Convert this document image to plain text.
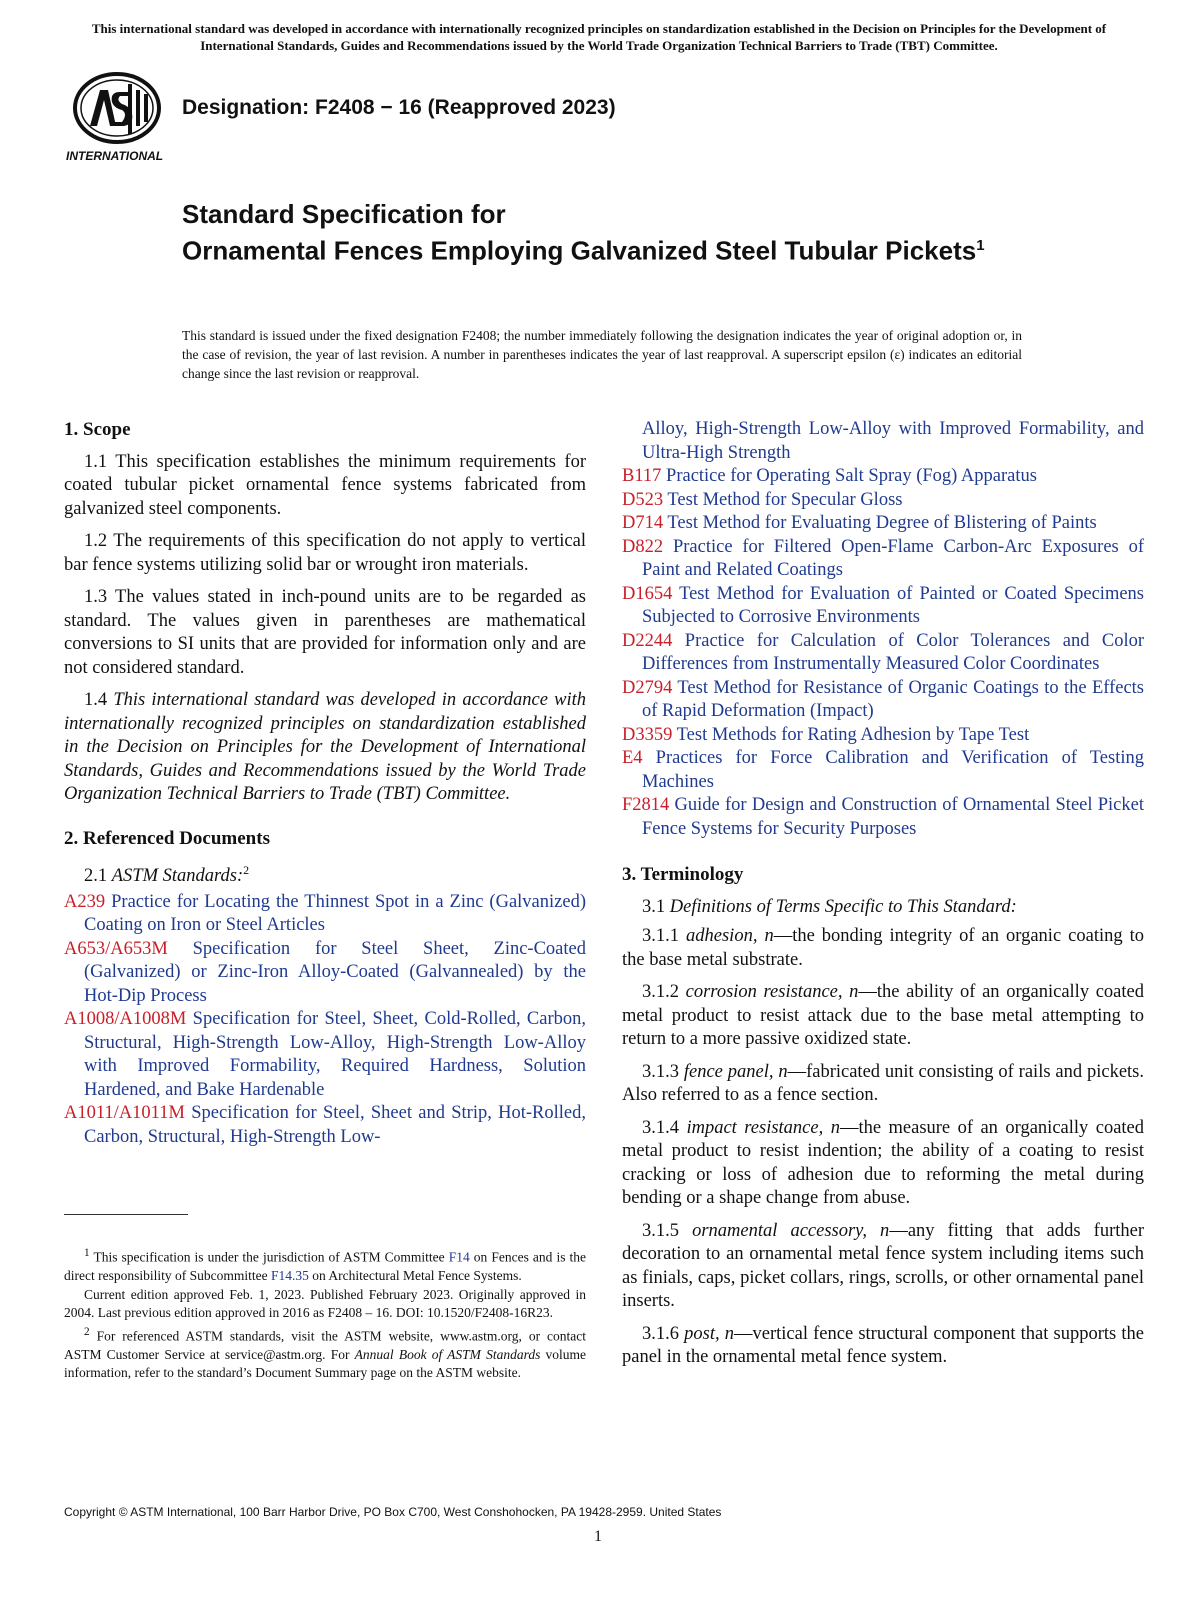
This international standard was developed in accordance with internationally recognized principles on standardization established in the Decision on Principles for the Development of International Standards, Guides and Recommendations issued by the World Trade Organization Technical Barriers to Trade (TBT) Committee.
INTERNATIONAL
Designation: F2408 − 16 (Reapproved 2023)
Standard Specification for
Ornamental Fences Employing Galvanized Steel Tubular Pickets$^1$
This standard is issued under the fixed designation F2408; the number immediately following the designation indicates the year of original adoption or, in the case of revision, the year of last revision. A number in parentheses indicates the year of last reapproval. A superscript epsilon (ε) indicates an editorial change since the last revision or reapproval.
1. Scope

1.1 This specification establishes the minimum requirements for coated tubular picket ornamental fence systems fabricated from galvanized steel components.

1.2 The requirements of this specification do not apply to vertical bar fence systems utilizing solid bar or wrought iron materials.

1.3 The values stated in inch-pound units are to be regarded as standard. The values given in parentheses are mathematical conversions to SI units that are provided for information only and are not considered standard.

1.4 This international standard was developed in accordance with internationally recognized principles on standardization established in the Decision on Principles for the Development of International Standards, Guides and Recommendations issued by the World Trade Organization Technical Barriers to Trade (TBT) Committee.

2. Referenced Documents
2.1 ASTM Standards:$^2$
A239 Practice for Locating the Thinnest Spot in a Zinc (Galvanized) Coating on Iron or Steel Articles
A653/A653M Specification for Steel Sheet, Zinc-Coated (Galvanized) or Zinc-Iron Alloy-Coated (Galvannealed) by the Hot-Dip Process
A1008/A1008M Specification for Steel, Sheet, Cold-Rolled, Carbon, Structural, High-Strength Low-Alloy, High-Strength Low-Alloy with Improved Formability, Required Hardness, Solution Hardened, and Bake Hardenable
A1011/A1011M Specification for Steel, Sheet and Strip, Hot-Rolled, Carbon, Structural, High-Strength Low-
Alloy, High-Strength Low-Alloy with Improved Formability, and Ultra-High Strength
B117 Practice for Operating Salt Spray (Fog) Apparatus
D523 Test Method for Specular Gloss
D714 Test Method for Evaluating Degree of Blistering of Paints
D822 Practice for Filtered Open-Flame Carbon-Arc Exposures of Paint and Related Coatings
D1654 Test Method for Evaluation of Painted or Coated Specimens Subjected to Corrosive Environments
D2244 Practice for Calculation of Color Tolerances and Color Differences from Instrumentally Measured Color Coordinates
D2794 Test Method for Resistance of Organic Coatings to the Effects of Rapid Deformation (Impact)
D3359 Test Methods for Rating Adhesion by Tape Test
E4 Practices for Force Calibration and Verification of Testing Machines
F2814 Guide for Design and Construction of Ornamental Steel Picket Fence Systems for Security Purposes
3. Terminology
3.1 Definitions of Terms Specific to This Standard:

3.1.1 adhesion, n—the bonding integrity of an organic coating to the base metal substrate.

3.1.2 corrosion resistance, n—the ability of an organically coated metal product to resist attack due to the base metal attempting to return to a more passive oxidized state.

3.1.3 fence panel, n—fabricated unit consisting of rails and pickets. Also referred to as a fence section.

3.1.4 impact resistance, n—the measure of an organically coated metal product to resist indention; the ability of a coating to resist cracking or loss of adhesion due to reforming the metal during bending or a shape change from abuse.

3.1.5 ornamental accessory, n—any fitting that adds further decoration to an ornamental metal fence system including items such as finials, caps, picket collars, rings, scrolls, or other ornamental panel inserts.

3.1.6 post, n—vertical fence structural component that supports the panel in the ornamental metal fence system.

$^1$ This specification is under the jurisdiction of ASTM Committee F14 on Fences and is the direct responsibility of Subcommittee F14.35 on Architectural Metal Fence Systems.

Current edition approved Feb. 1, 2023. Published February 2023. Originally approved in 2004. Last previous edition approved in 2016 as F2408 – 16. DOI: 10.1520/F2408-16R23.

$^2$ For referenced ASTM standards, visit the ASTM website, www.astm.org, or contact ASTM Customer Service at service@astm.org. For Annual Book of ASTM Standards volume information, refer to the standard’s Document Summary page on the ASTM website.

Copyright © ASTM International, 100 Barr Harbor Drive, PO Box C700, West Conshohocken, PA 19428-2959. United States
1
